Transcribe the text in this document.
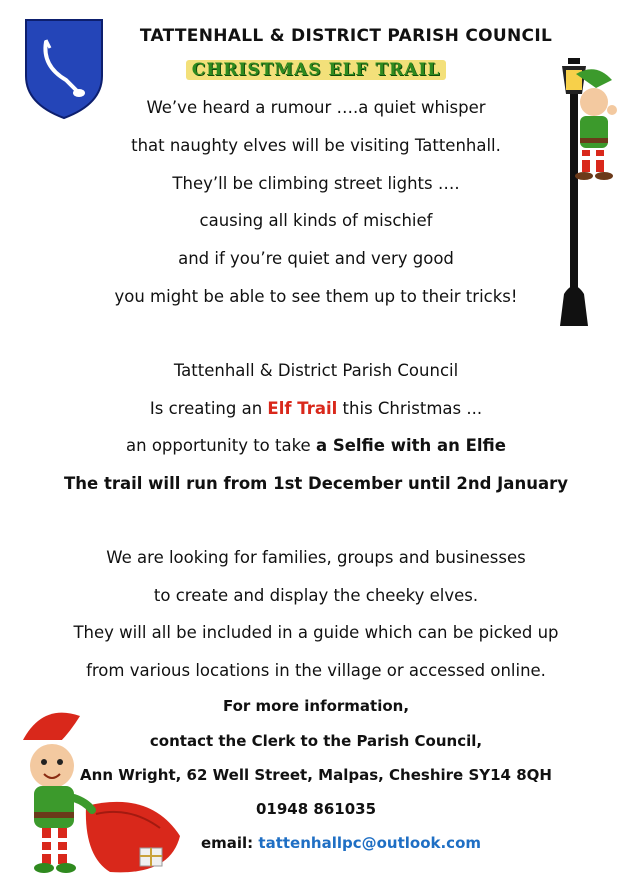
TATTENHALL & DISTRICT PARISH COUNCIL
CHRISTMAS ELF TRAIL
We’ve heard a rumour ….a quiet whisper
that naughty elves will be visiting Tattenhall.
They’ll be climbing street lights ….
causing all kinds of mischief
and if you’re quiet and very good
you might be able to see them up to their tricks!
Tattenhall & District Parish Council
Is creating an Elf Trail this Christmas ...
an opportunity to take a Selfie with an Elfie
The trail will run from 1st December until 2nd January
We are looking for families, groups and businesses
to create and display the cheeky elves.
They will all be included in a guide which can be picked up
from various locations in the village or accessed online.
For more information,
contact the Clerk to the Parish Council,
Ann Wright, 62 Well Street, Malpas, Cheshire SY14 8QH
01948 861035
email: tattenhallpc@outlook.com
